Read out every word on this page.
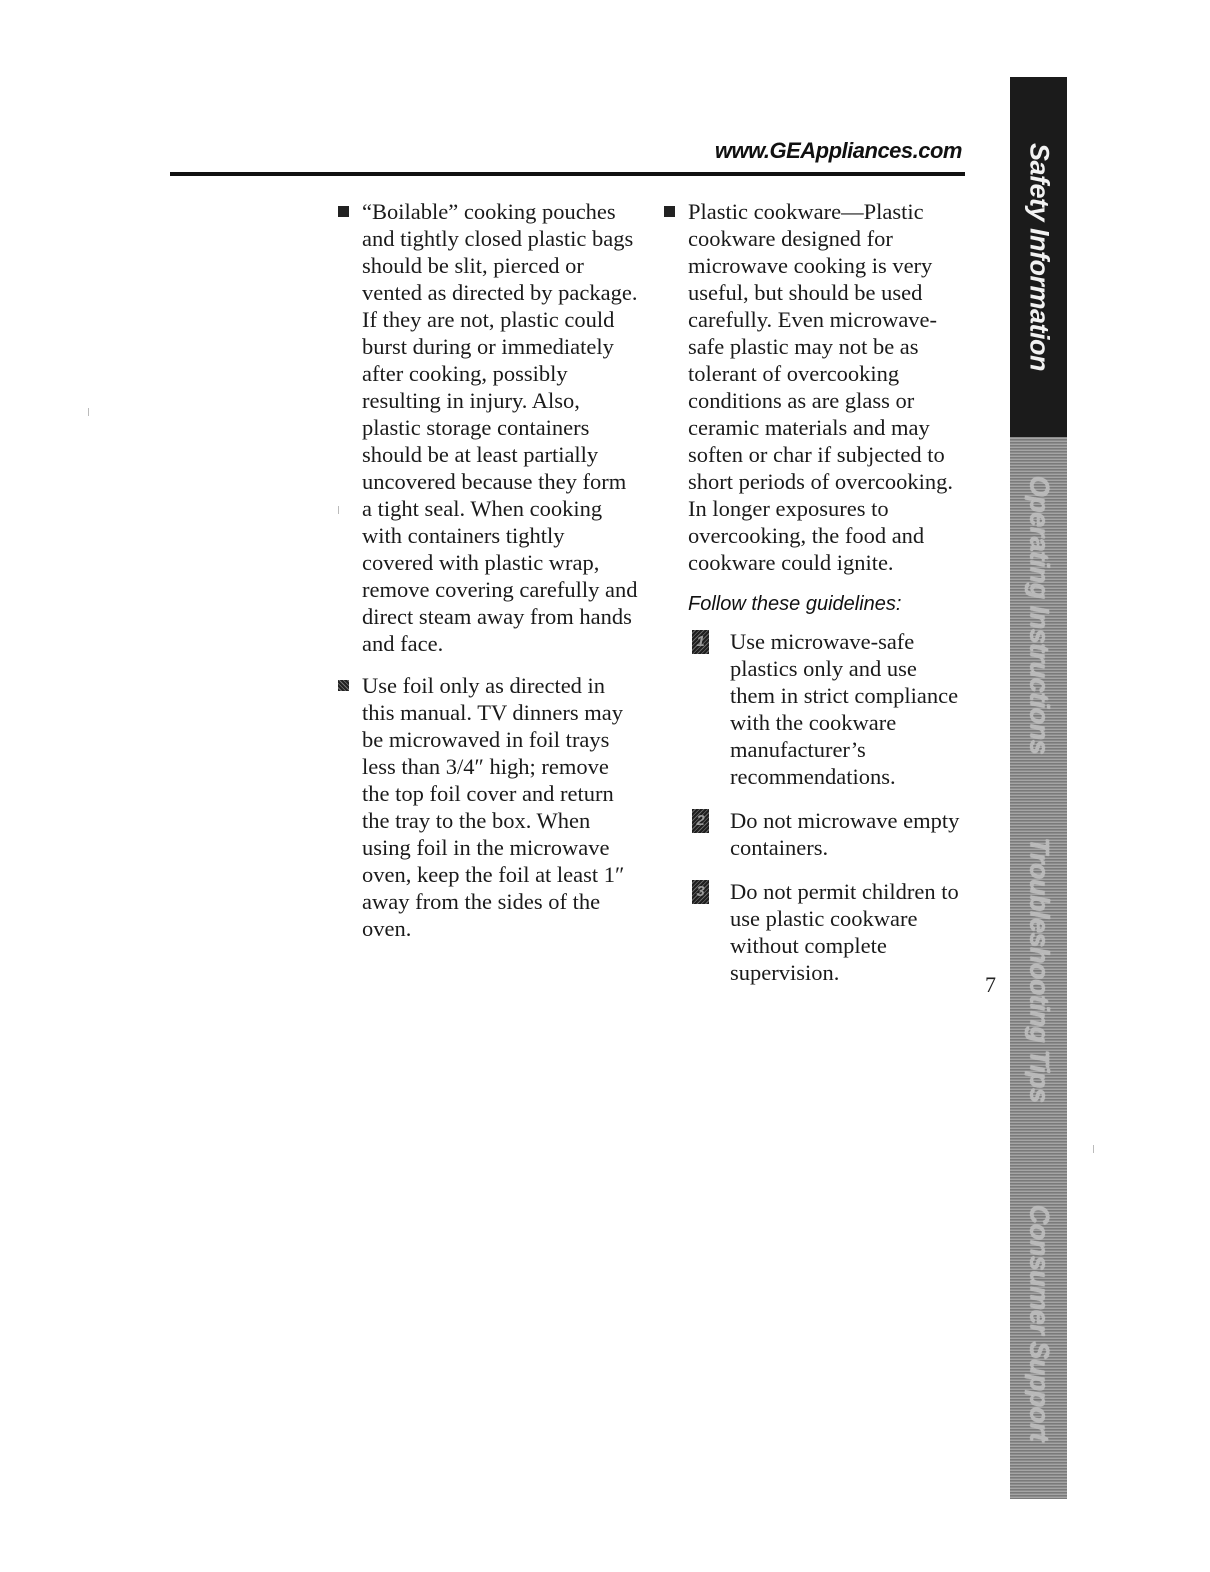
www.GEAppliances.com
“Boilable” cooking pouches and tightly closed plastic bags should be slit, pierced or vented as directed by package. If they are not, plastic could burst during or immediately after cooking, possibly resulting in injury. Also, plastic storage containers should be at least partially uncovered because they form a tight seal. When cooking with containers tightly covered with plastic wrap, remove covering carefully and direct steam away from hands and face.
Use foil only as directed in this manual. TV dinners may be microwaved in foil trays less than 3/4″ high; remove the top foil cover and return the tray to the box. When using foil in the microwave oven, keep the foil at least 1″ away from the sides of the oven.
Plastic cookware—Plastic cookware designed for microwave cooking is very useful, but should be used carefully. Even microwave-safe plastic may not be as tolerant of overcooking conditions as are glass or ceramic materials and may soften or char if subjected to short periods of overcooking. In longer exposures to overcooking, the food and cookware could ignite.
Follow these guidelines:
1 Use microwave-safe plastics only and use them in strict compliance with the cookware manufacturer’s recommendations.
2 Do not microwave empty containers.
3 Do not permit children to use plastic cookware without complete supervision.
Safety Information
Operating Instructions
Troubleshooting Tips
Consumer Support
7
